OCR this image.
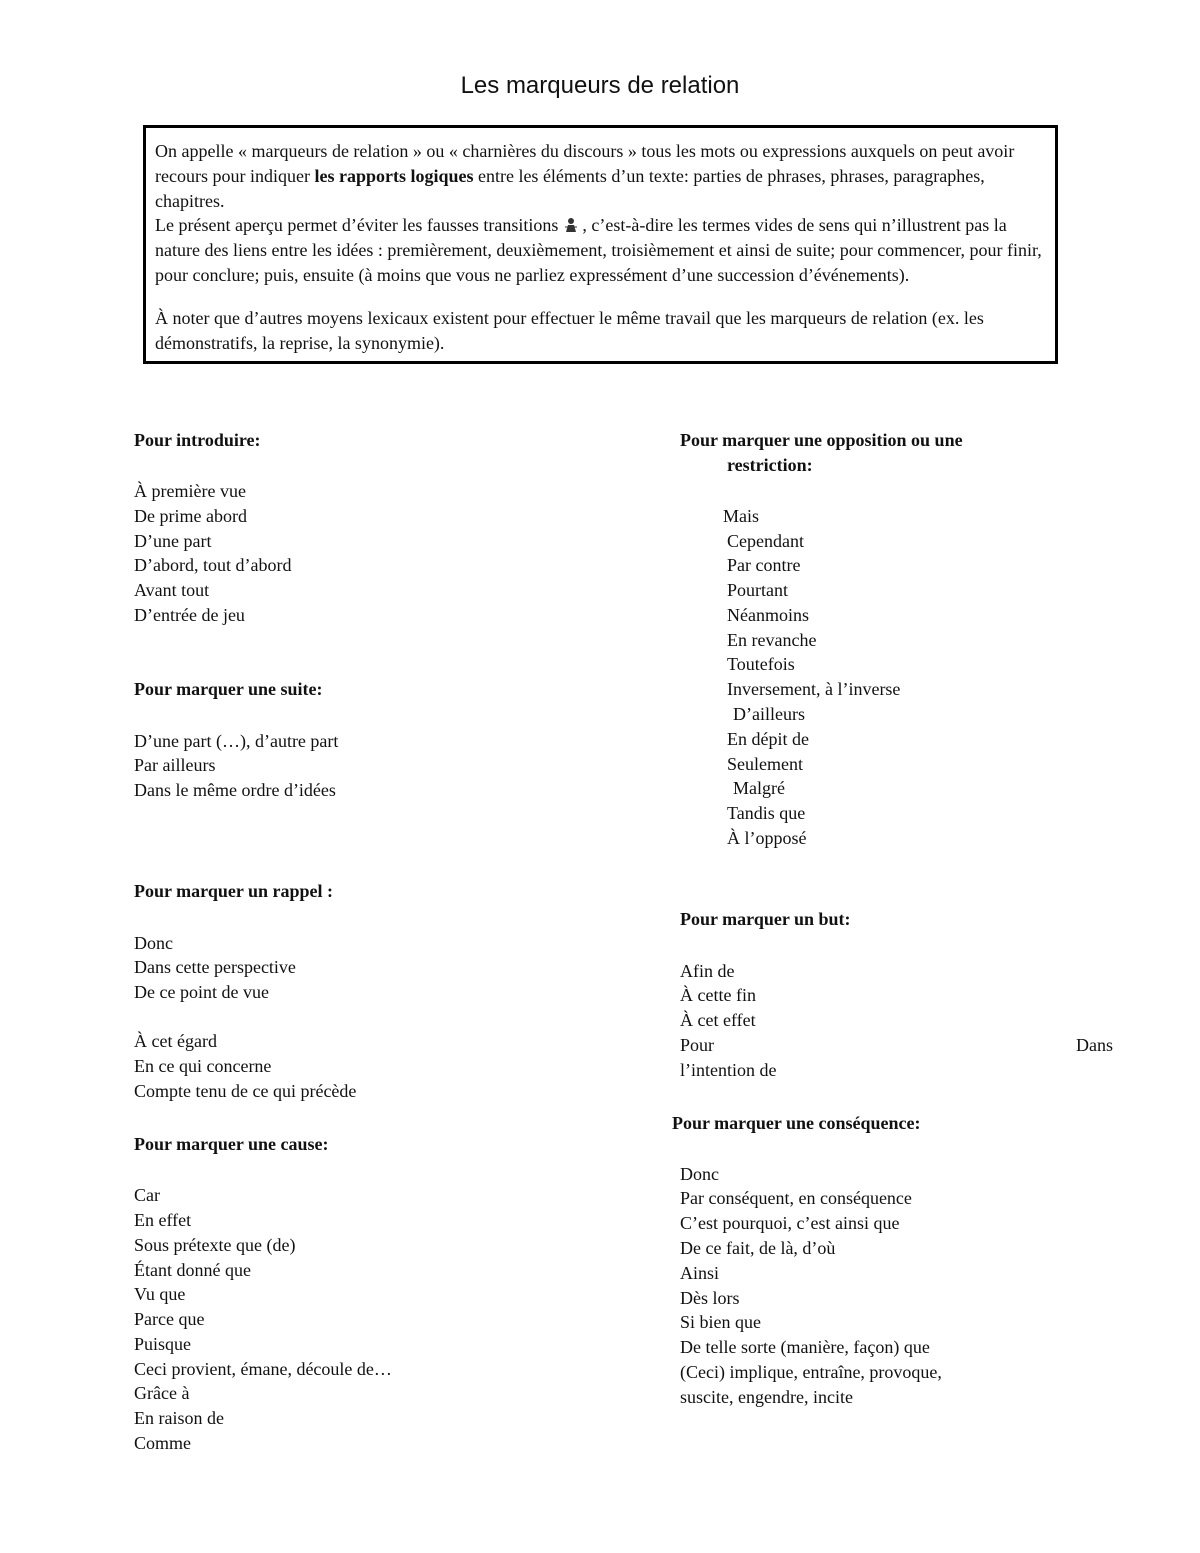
Les marqueurs de relation

On appelle « marqueurs de relation » ou « charnières du discours » tous les mots ou expressions auxquels on peut avoir recours pour indiquer les rapports logiques entre les éléments d’un texte: parties de phrases, phrases, paragraphes, chapitres.

Le présent aperçu permet d’éviter les fausses transitions , c’est-à-dire les termes vides de sens qui n’illustrent pas la nature des liens entre les idées : premièrement, deuxièmement, troisièmement et ainsi de suite; pour commencer, pour finir, pour conclure; puis, ensuite (à moins que vous ne parliez expressément d’une succession d’événements).

À noter que d’autres moyens lexicaux existent pour effectuer le même travail que les marqueurs de relation (ex. les démonstratifs, la reprise, la synonymie).

Pour introduire:
À première vue
De prime abord
D’une part
D’abord, tout d’abord
Avant tout
D’entrée de jeu
Pour marquer une suite:
D’une part (…), d’autre part
Par ailleurs
Dans le même ordre d’idées
Pour marquer un rappel :
Donc
Dans cette perspective
De ce point de vue
À cet égard
En ce qui concerne
Compte tenu de ce qui précède
Pour marquer une cause:
Car
En effet
Sous prétexte que (de)
Étant donné que
Vu que
Parce que
Puisque
Ceci provient, émane, découle de…
Grâce à
En raison de
Comme
Pour marquer une opposition ou une
restriction:
Mais
Cependant
Par contre
Pourtant
Néanmoins
En revanche
Toutefois
Inversement, à l’inverse
D’ailleurs
En dépit de
Seulement
Malgré
Tandis que
À l’opposé
Pour marquer un but:
Afin de
À cette fin
À cet effet
Pour	Dans
l’intention de
Pour marquer une conséquence:
Donc
Par conséquent, en conséquence
C’est pourquoi, c’est ainsi que
De ce fait, de là, d’où
Ainsi
Dès lors
Si bien que
De telle sorte (manière, façon) que
(Ceci) implique, entraîne, provoque,
suscite, engendre, incite
